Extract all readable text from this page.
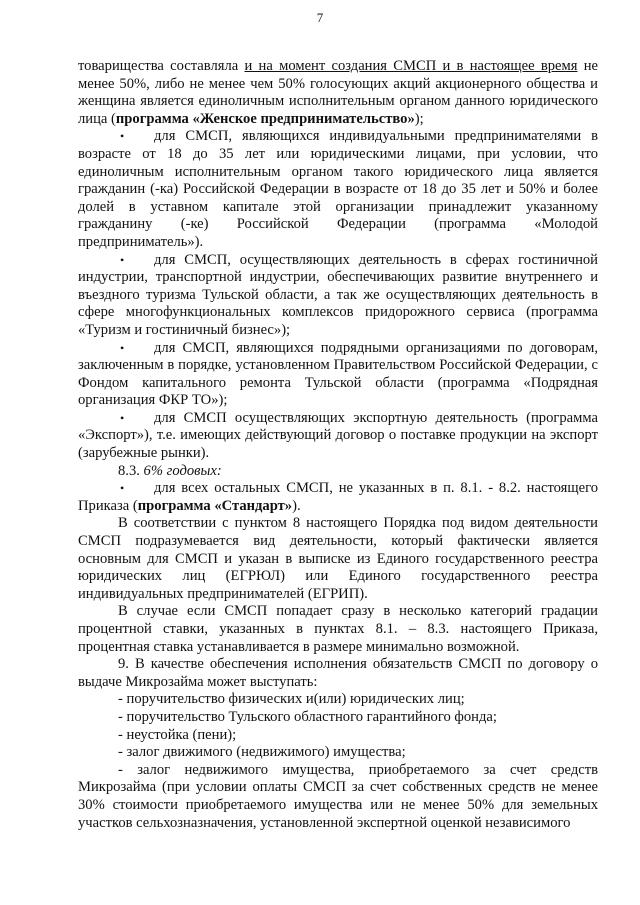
7

товарищества составляла и на момент создания СМСП и в настоящее время не менее 50%, либо не менее чем 50% голосующих акций акционерного общества и женщина является единоличным исполнительным органом данного юридического лица (программа «Женское предпринимательство»);

• для СМСП, являющихся индивидуальными предпринимателями в возрасте от 18 до 35 лет или юридическими лицами, при условии, что единоличным исполнительным органом такого юридического лица является гражданин (-ка) Российской Федерации в возрасте от 18 до 35 лет и 50% и более долей в уставном капитале этой организации принадлежит указанному гражданину (-ке) Российской Федерации (программа «Молодой предприниматель»).

• для СМСП, осуществляющих деятельность в сферах гостиничной индустрии, транспортной индустрии, обеспечивающих развитие внутреннего и въездного туризма Тульской области, а так же осуществляющих деятельность в сфере многофункциональных комплексов придорожного сервиса (программа «Туризм и гостиничный бизнес»);

• для СМСП, являющихся подрядными организациями по договорам, заключенным в порядке, установленном Правительством Российской Федерации, с Фондом капитального ремонта Тульской области (программа «Подрядная организация ФКР ТО»);

• для СМСП осуществляющих экспортную деятельность (программа «Экспорт»), т.е. имеющих действующий договор о поставке продукции на экспорт (зарубежные рынки).

8.3. 6% годовых:

• для всех остальных СМСП, не указанных в п. 8.1. - 8.2. настоящего Приказа (программа «Стандарт»).

В соответствии с пунктом 8 настоящего Порядка под видом деятельности СМСП подразумевается вид деятельности, который фактически является основным для СМСП и указан в выписке из Единого государственного реестра юридических лиц (ЕГРЮЛ) или Единого государственного реестра индивидуальных предпринимателей (ЕГРИП).

В случае если СМСП попадает сразу в несколько категорий градации процентной ставки, указанных в пунктах 8.1. – 8.3. настоящего Приказа, процентная ставка устанавливается в размере минимально возможной.

9. В качестве обеспечения исполнения обязательств СМСП по договору о выдаче Микрозайма может выступать:

- поручительство физических и(или) юридических лиц;

- поручительство Тульского областного гарантийного фонда;

- неустойка (пени);

- залог движимого (недвижимого) имущества;

- залог недвижимого имущества, приобретаемого за счет средств Микрозайма (при условии оплаты СМСП за счет собственных средств не менее 30% стоимости приобретаемого имущества или не менее 50% для земельных участков сельхозназначения, установленной экспертной оценкой независимого
